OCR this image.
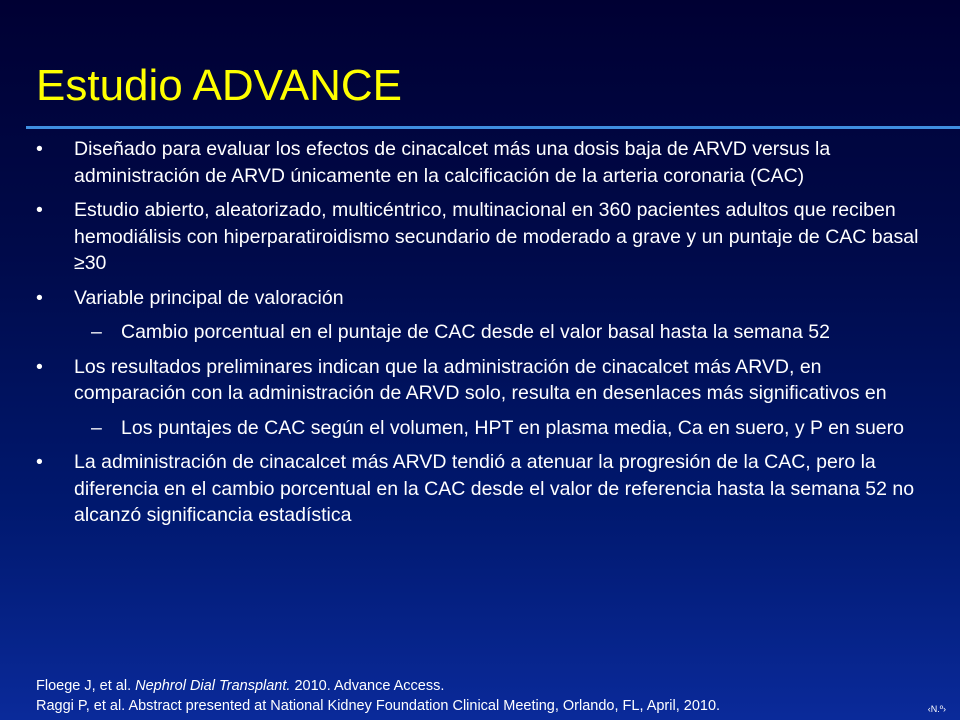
Estudio ADVANCE
•	Diseñado para evaluar los efectos de cinacalcet más una dosis baja de ARVD versus la administración de ARVD únicamente en la calcificación de la arteria coronaria (CAC)
•	Estudio abierto, aleatorizado, multicéntrico, multinacional en 360 pacientes adultos que reciben hemodiálisis con hiperparatiroidismo secundario de moderado a grave y un puntaje de CAC basal ≥30
•	Variable principal de valoración
– Cambio porcentual en el puntaje de CAC desde el valor basal hasta la semana 52
•	Los resultados preliminares indican que la administración de cinacalcet más ARVD, en comparación con la administración de ARVD solo, resulta en desenlaces más significativos en
– Los puntajes de CAC según el volumen, HPT en plasma media, Ca en suero, y P en suero
•	La administración de cinacalcet más ARVD tendió a atenuar la progresión de la CAC, pero la diferencia en el cambio porcentual en la CAC desde el valor de referencia hasta la semana 52 no alcanzó significancia estadística
Floege J, et al. Nephrol Dial Transplant. 2010. Advance Access.
Raggi P, et al. Abstract presented at National Kidney Foundation Clinical Meeting, Orlando, FL, April, 2010.	‹N.º›
